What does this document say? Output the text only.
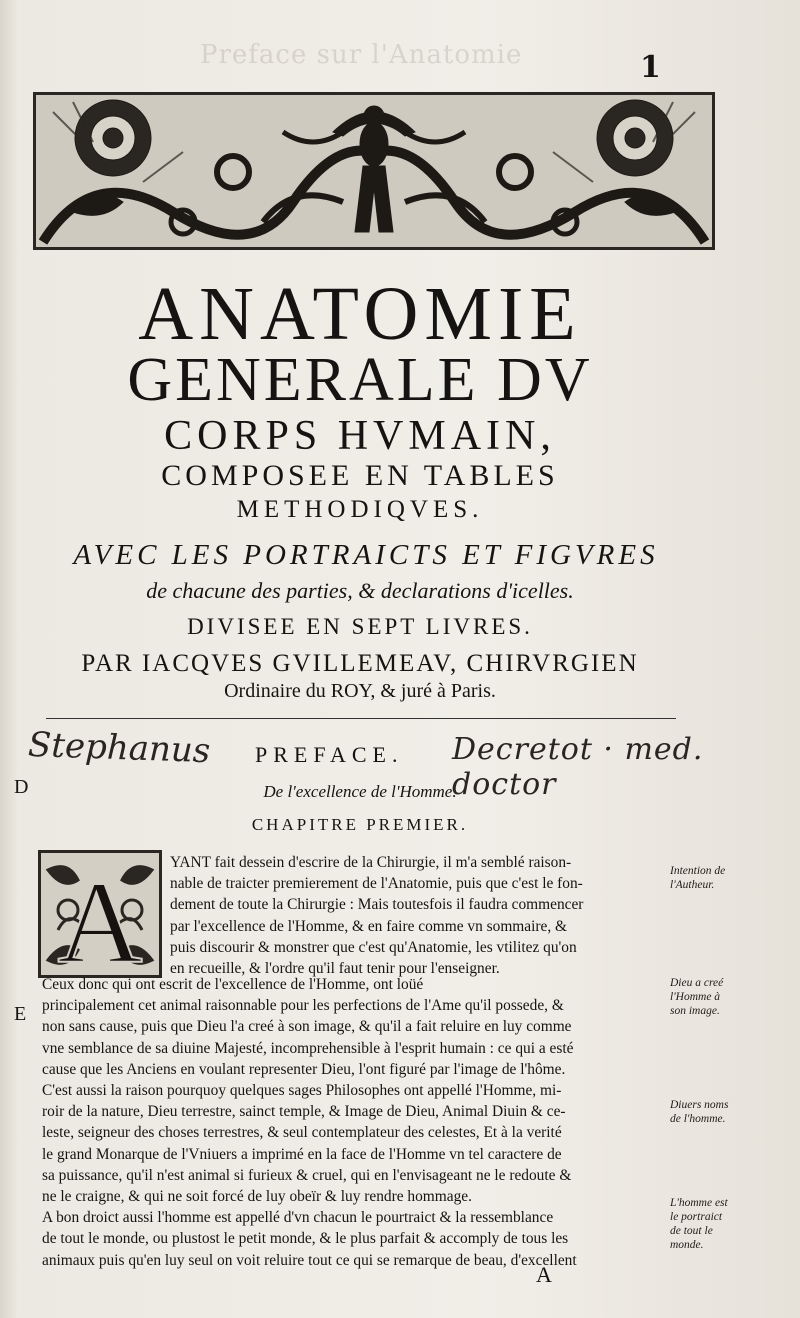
Preface sur l'Anatomie	1
ANATOMIE
GENERALE DV
CORPS HVMAIN,
COMPOSEE EN TABLES
METHODIQVES.
AVEC LES PORTRAICTS ET FIGVRES
de chacune des parties, & declarations d'icelles.
DIVISEE EN SEPT LIVRES.
PAR IACQVES GVILLEMEAV, CHIRVRGIEN
Ordinaire du ROY, & juré à Paris.
Stephanus PREFACE. Decretot · med. doctor
D	De l'excellence de l'Homme.
CHAPITRE PREMIER.
A YANT fait dessein d'escrire de la Chirurgie, il m'a semblé raison-
nable de traicter premierement de l'Anatomie, puis que c'est le fon-
dement de toute la Chirurgie : Mais toutesfois il faudra commencer
par l'excellence de l'Homme, & en faire comme vn sommaire, &
puis discourir & monstrer que c'est qu'Anatomie, les vtilitez qu'on
en recueille, & l'ordre qu'il faut tenir pour l'enseigner.
Ceux donc qui ont escrit de l'excellence de l'Homme, ont loüé
principalement cet animal raisonnable pour les perfections de l'Ame qu'il possede, &
non sans cause, puis que Dieu l'a creé à son image, & qu'il a fait reluire en luy comme
vne semblance de sa diuine Majesté, incomprehensible à l'esprit humain : ce qui a esté
cause que les Anciens en voulant representer Dieu, l'ont figuré par l'image de l'hôme.
C'est aussi la raison pourquoy quelques sages Philosophes ont appellé l'Homme, mi-
roir de la nature, Dieu terrestre, sainct temple, & Image de Dieu, Animal Diuin & ce-
leste, seigneur des choses terrestres, & seul contemplateur des celestes, Et à la verité
le grand Monarque de l'Vniuers a imprimé en la face de l'Homme vn tel caractere de
sa puissance, qu'il n'est animal si furieux & cruel, qui en l'envisageant ne le redoute &
ne le craigne, & qui ne soit forcé de luy obeïr & luy rendre hommage.
A bon droict aussi l'homme est appellé d'vn chacun le pourtraict & la ressemblance
de tout le monde, ou plustost le petit monde, & le plus parfait & accomply de tous les
animaux puis qu'en luy seul on voit reluire tout ce qui se remarque de beau, d'excellent
E
A
Intention de
l'Autheur.
Dieu a creé
l'Homme à
son image.
Diuers noms
de l'homme.
L'homme est
le portraict
de tout le
monde.
